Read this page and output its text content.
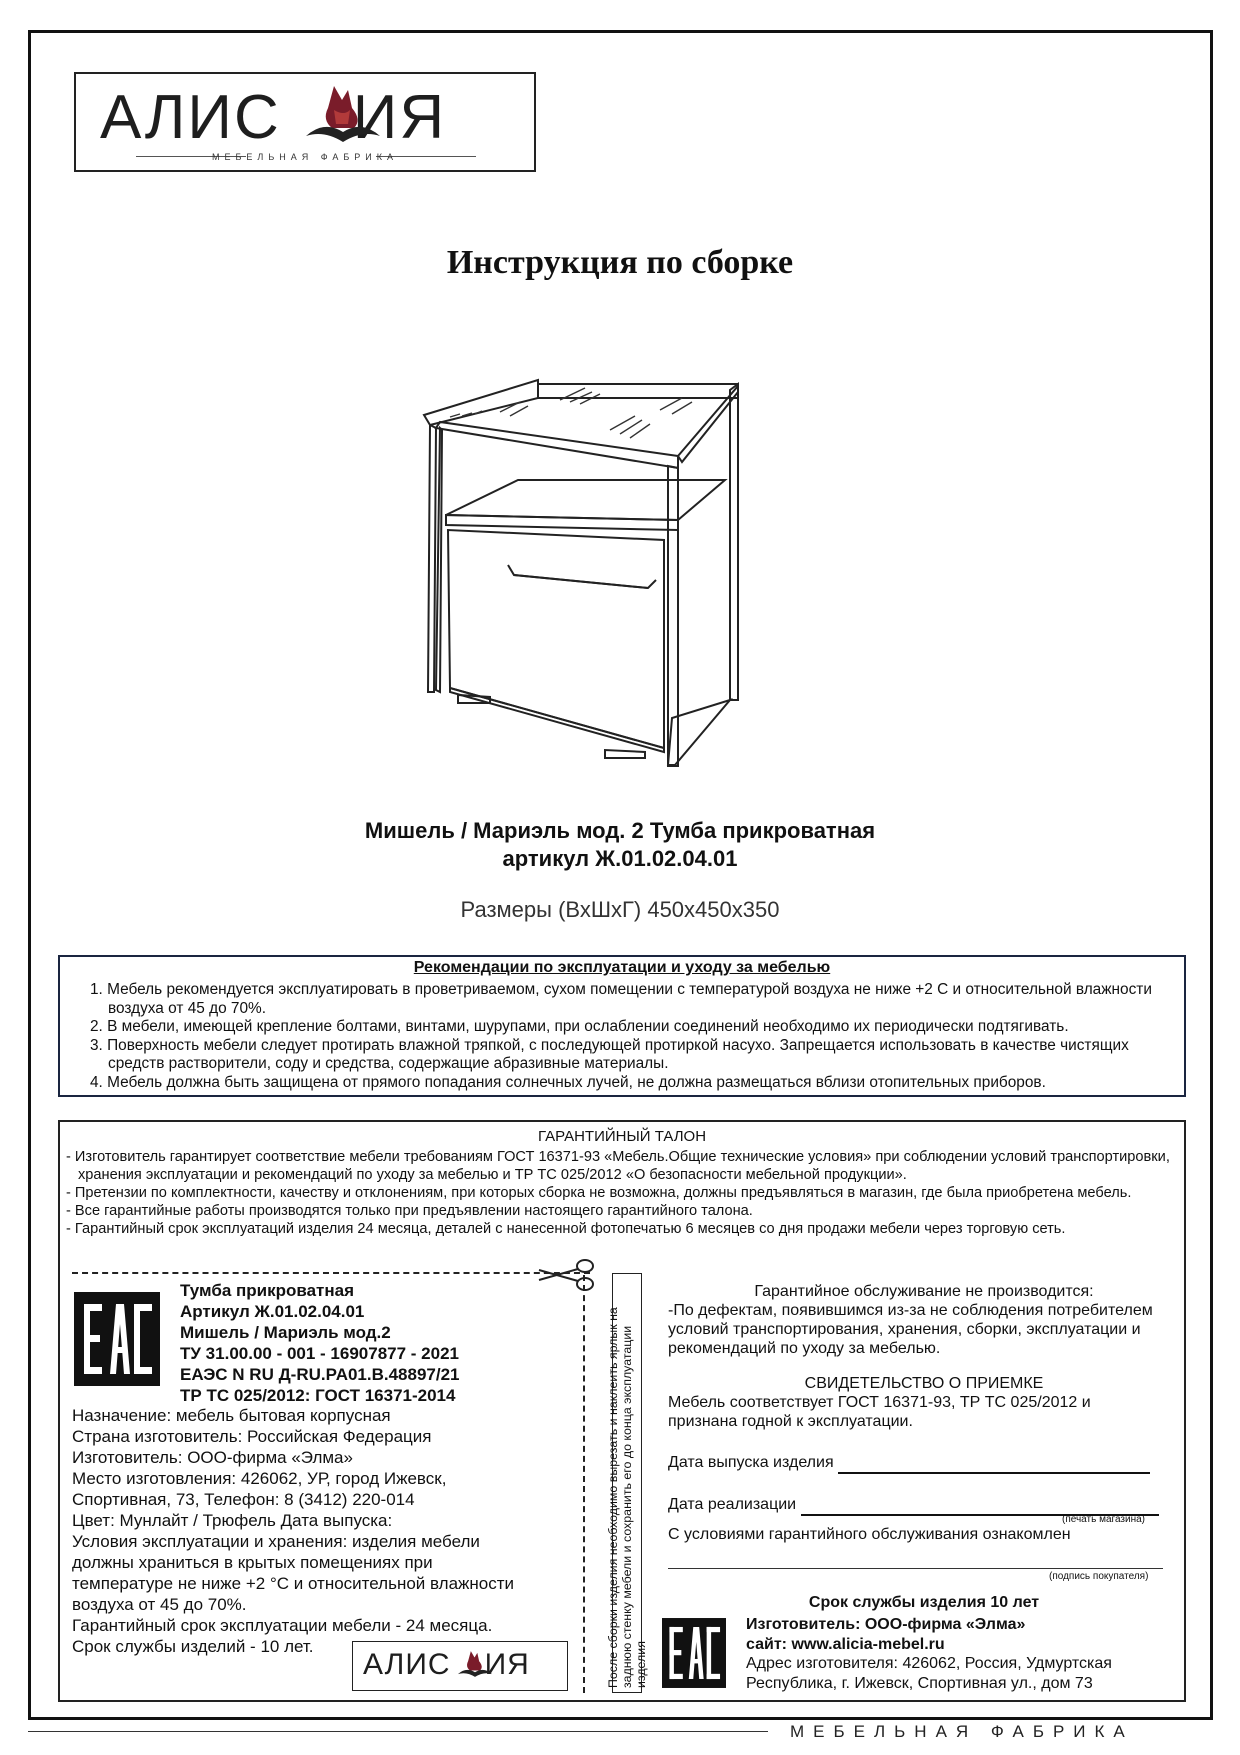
АЛИС ИЯ
МЕБЕЛЬНАЯ ФАБРИКА
Инструкция по сборке
Мишель / Мариэль мод. 2 Тумба прикроватная
артикул Ж.01.02.04.01
Размеры (ВхШхГ) 450х450х350
Рекомендации по эксплуатации и уходу за мебелью
1. Мебель рекомендуется эксплуатировать в проветриваемом, сухом помещении с температурой воздуха не ниже +2 С и относительной влажности воздуха от 45 до 70%.
2. В мебели, имеющей крепление болтами, винтами, шурупами, при ослаблении соединений необходимо их периодически подтягивать.
3. Поверхность мебели следует протирать влажной тряпкой, с последующей протиркой насухо. Запрещается использовать в качестве чистящих средств растворители, соду и средства, содержащие абразивные материалы.
4. Мебель должна быть защищена от прямого попадания солнечных лучей, не должна размещаться вблизи отопительных приборов.
ГАРАНТИЙНЫЙ ТАЛОН
- Изготовитель гарантирует соответствие мебели требованиям ГОСТ 16371-93 «Мебель.Общие технические условия» при соблюдении условий транспортировки, хранения эксплуатации и рекомендаций по уходу за мебелью и ТР ТС 025/2012 «О безопасности мебельной продукции».
- Претензии по комплектности, качеству и отклонениям, при которых сборка не возможна, должны предъявляться в магазин, где была приобретена мебель.
- Все гарантийные работы производятся только при предъявлении настоящего гарантийного талона.
- Гарантийный срок эксплуатаций изделия 24 месяца, деталей с нанесенной фотопечатью 6 месяцев со дня продажи мебели через торговую сеть.
Тумба прикроватная
Артикул Ж.01.02.04.01
Мишель / Мариэль мод.2
ТУ 31.00.00 - 001 - 16907877 - 2021
ЕАЭС N RU Д-RU.PA01.B.48897/21
ТР ТС 025/2012: ГОСТ 16371-2014
Назначение: мебель бытовая корпусная
Страна изготовитель: Российская Федерация
Изготовитель: ООО-фирма «Элма»
Место изготовления: 426062, УР, город Ижевск,
Спортивная, 73, Телефон: 8 (3412) 220-014
Цвет: Мунлайт / Трюфель Дата выпуска:
Условия эксплуатации и хранения: изделия мебели
должны храниться в крытых помещениях при
температуре не ниже +2 °С и относительной влажности
воздуха от 45 до 70%.
Гарантийный срок эксплуатации мебели - 24 месяца.
Срок службы изделий - 10 лет.
АЛИС ИЯ	После сборки изделия необходимо вырезать и наклеить ярлык на заднюю стенку мебели и сохранить его до конца эксплуатации изделия
Гарантийное обслуживание не производится:
-По дефектам, появившимся из-за не соблюдения потребителем условий транспортирования, хранения, сборки, эксплуатации и рекомендаций по уходу за мебелью.
СВИДЕТЕЛЬСТВО О ПРИЕМКЕ
Мебель соответствует ГОСТ 16371-93, ТР ТС 025/2012 и признана годной к эксплуатации.
Дата выпуска изделия
Дата реализации
(печать магазина)
С условиями гарантийного обслуживания ознакомлен
(подпись покупателя)
Срок службы изделия 10 лет
Изготовитель: ООО-фирма «Элма»
сайт: www.alicia-mebel.ru
Адрес изготовителя: 426062, Россия, Удмуртская Республика, г. Ижевск, Спортивная ул., дом 73
МЕБЕЛЬНАЯ ФАБРИКА
